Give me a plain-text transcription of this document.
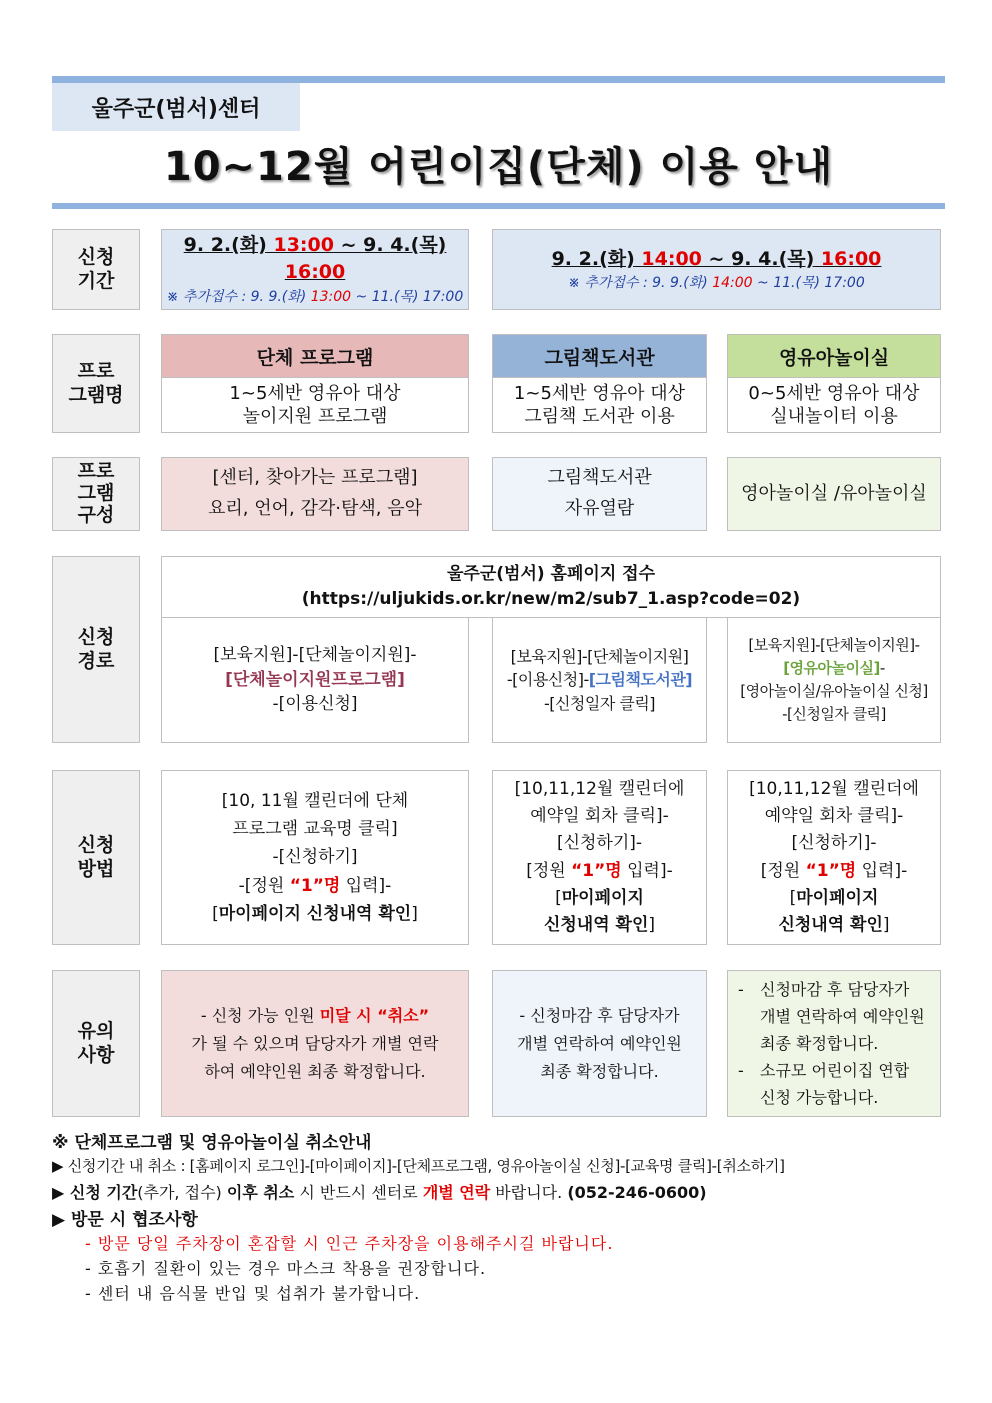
울주군(범서)센터
10~12월 어린이집(단체) 이용 안내
신청
기간
9. 2.(화) 13:00 ~ 9. 4.(목) 16:00
※ 추가접수 : 9. 9.(화) 13:00 ~ 11.(목) 17:00
9. 2.(화) 14:00 ~ 9. 4.(목) 16:00
※ 추가접수 : 9. 9.(화) 14:00 ~ 11.(목) 17:00
프로
그램명
단체 프로그램
1~5세반 영유아 대상
놀이지원 프로그램
그림책도서관
1~5세반 영유아 대상
그림책 도서관 이용
영유아놀이실
0~5세반 영유아 대상
실내놀이터 이용
프로
그램
구성
[센터, 찾아가는 프로그램]
요리, 언어, 감각·탐색, 음악
그림책도서관
자유열람
영아놀이실 /유아놀이실
신청
경로
울주군(범서) 홈페이지 접수
(https://uljukids.or.kr/new/m2/sub7_1.asp?code=02)
[보육지원]-[단체놀이지원]-
[단체놀이지원프로그램]
-[이용신청]
[보육지원]-[단체놀이지원]
-[이용신청]-[그림책도서관]
-[신청일자 클릭]
[보육지원]-[단체놀이지원]-
[영유아놀이실]-
[영아놀이실/유아놀이실 신청]
-[신청일자 클릭]
신청
방법
[10, 11월 캘린더에 단체
프로그램 교육명 클릭]
-[신청하기]
-[정원 “1”명 입력]-
[마이페이지 신청내역 확인]
[10,11,12월 캘린더에
예약일 회차 클릭]-
[신청하기]-
[정원 “1”명 입력]-
[마이페이지
신청내역 확인]
[10,11,12월 캘린더에
예약일 회차 클릭]-
[신청하기]-
[정원 “1”명 입력]-
[마이페이지
신청내역 확인]
유의
사항
- 신청 가능 인원 미달 시 “취소”
가 될 수 있으며 담당자가 개별 연락
하여 예약인원 최종 확정합니다.
- 신청마감 후 담당자가
개별 연락하여 예약인원
최종 확정합니다.
-	신청마감 후 담당자가
개별 연락하여 예약인원
최종 확정합니다.
-	소규모 어린이집 연합
신청 가능합니다.
※ 단체프로그램 및 영유아놀이실 취소안내
▶ 신청기간 내 취소 : [홈페이지 로그인]-[마이페이지]-[단체프로그램, 영유아놀이실 신청]-[교육명 클릭]-[취소하기]
▶ 신청 기간(추가, 접수) 이후 취소 시 반드시 센터로 개별 연락 바랍니다. (052-246-0600)
▶ 방문 시 협조사항
- 방문 당일 주차장이 혼잡할 시 인근 주차장을 이용해주시길 바랍니다.
- 호흡기 질환이 있는 경우 마스크 착용을 권장합니다.
- 센터 내 음식물 반입 및 섭취가 불가합니다.
